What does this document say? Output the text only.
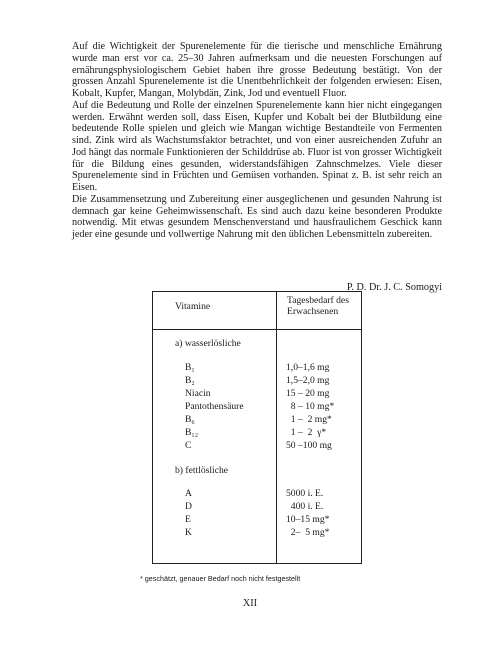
Auf die Wichtigkeit der Spurenelemente für die tierische und menschliche Ernährung wurde man erst vor ca. 25–30 Jahren aufmerksam und die neuesten Forschungen auf ernährungsphysiologischem Gebiet haben ihre grosse Bedeutung bestätigt. Von der grossen Anzahl Spurenelemente ist die Unentbehrlichkeit der folgenden erwiesen: Eisen, Kobalt, Kupfer, Mangan, Molybdän, Zink, Jod und eventuell Fluor.

Auf die Bedeutung und Rolle der einzelnen Spurenelemente kann hier nicht eingegangen werden. Erwähnt werden soll, dass Eisen, Kupfer und Kobalt bei der Blutbildung eine bedeutende Rolle spielen und gleich wie Mangan wichtige Bestandteile von Fermenten sind. Zink wird als Wachstumsfaktor betrachtet, und von einer ausreichenden Zufuhr an Jod hängt das normale Funktionieren der Schilddrüse ab. Fluor ist von grosser Wichtigkeit für die Bildung eines gesunden, widerstandsfähigen Zahnschmelzes. Viele dieser Spurenelemente sind in Früchten und Gemüsen vorhanden. Spinat z. B. ist sehr reich an Eisen.

Die Zusammensetzung und Zubereitung einer ausgeglichenen und gesunden Nahrung ist demnach gar keine Geheimwissenschaft. Es sind auch dazu keine besonderen Produkte notwendig. Mit etwas gesundem Menschenverstand und hausfraulichem Geschick kann jeder eine gesunde und vollwertige Nahrung mit den üblichen Lebensmitteln zubereiten.

P. D. Dr. J. C. Somogyi
Vitamine
Tagesbedarf des
Erwachsenen
a) wasserlösliche
B₁	1,0–1,6 mg
B₂	1,5–2,0 mg
Niacin	15 – 20 mg
Pantothensäure	8 – 10 mg*
B₆	1 –  2 mg*
B₁₂	1 –  2  γ*
C	50 –100 mg
b) fettlösliche
A	5000 i. E.
D	400 i. E.
E	10–15 mg*
K	2–  5 mg*
* geschätzt, genauer Bedarf noch nicht festgestellt
XII
